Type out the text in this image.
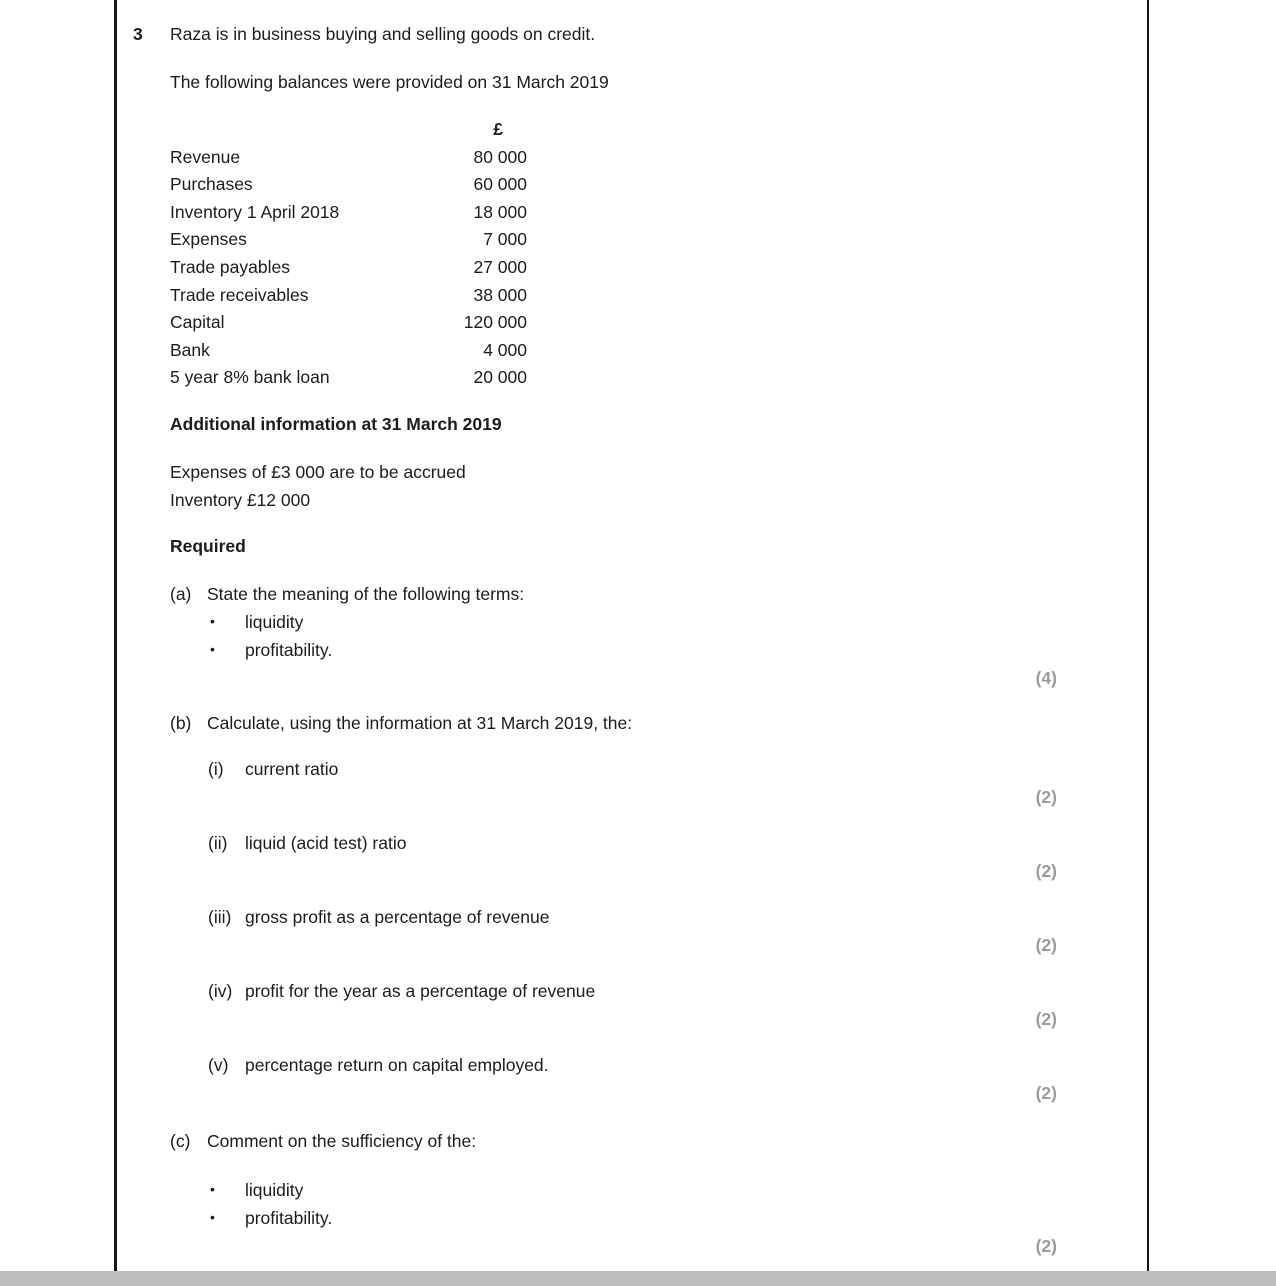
3 Raza is in business buying and selling goods on credit.
The following balances were provided on 31 March 2019
£
Revenue	80 000
Purchases	60 000
Inventory 1 April 2018	18 000
Expenses	7 000
Trade payables	27 000
Trade receivables	38 000
Capital	120 000
Bank	4 000
5 year 8% bank loan	20 000
Additional information at 31 March 2019
Expenses of £3 000 are to be accrued
Inventory £12 000
Required
(a) State the meaning of the following terms:
• liquidity
• profitability.
(4)
(b) Calculate, using the information at 31 March 2019, the:
(i) current ratio
(2)
(ii) liquid (acid test) ratio
(2)
(iii) gross profit as a percentage of revenue
(2)
(iv) profit for the year as a percentage of revenue
(2)
(v) percentage return on capital employed.
(2)
(c) Comment on the sufficiency of the:
• liquidity
• profitability.
(2)
